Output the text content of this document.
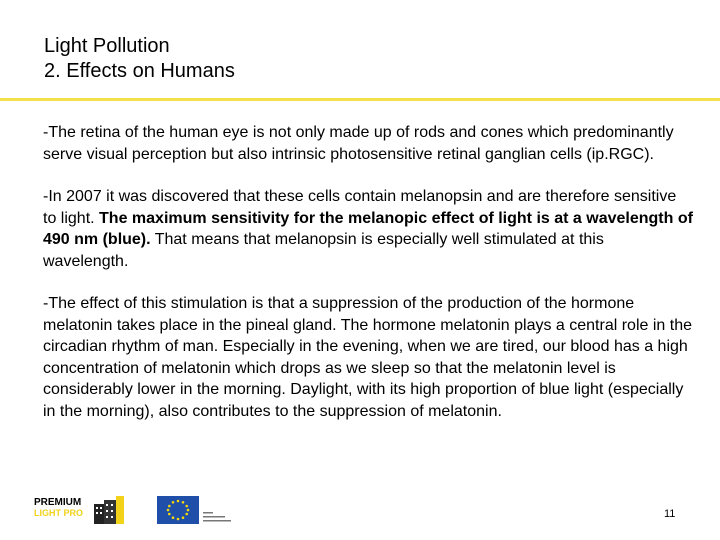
Light Pollution
2. Effects on Humans

-The retina of the human eye is not only made up of rods and cones which predominantly serve visual perception but also intrinsic photosensitive retinal ganglian cells (ip.RGC).

-In 2007 it was discovered that these cells contain melanopsin and are therefore sensitive to light. The maximum sensitivity for the melanopic effect of light is at a wavelength of 490 nm (blue). That means that melanopsin is especially well stimulated at this wavelength.

-The effect of this stimulation is that a suppression of the production of the hormone melatonin takes place in the pineal gland. The hormone melatonin plays a central role in the circadian rhythm of man. Especially in the evening, when we are tired, our blood has a high concentration of melatonin which drops as we sleep so that the melatonin level is considerably lower in the morning. Daylight, with its high proportion of blue light (especially in the morning), also contributes to the suppression of melatonin.

PREMIUM
LIGHT PRO	11
